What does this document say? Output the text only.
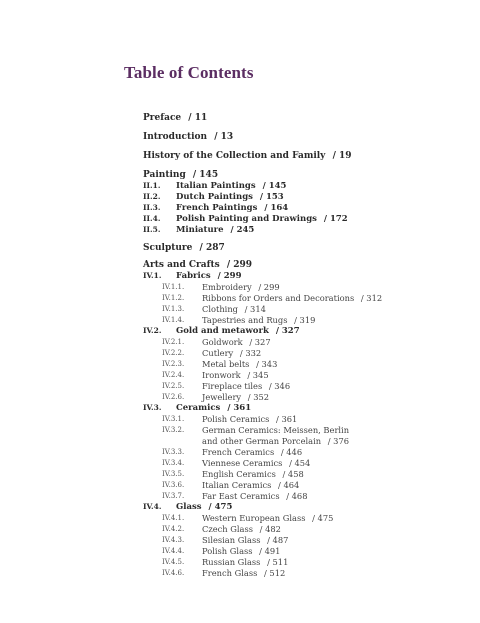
Table of Contents
Preface / 11
Introduction / 13
History of the Collection and Family / 19
Painting / 145
II.1. Italian Paintings / 145
II.2. Dutch Paintings / 153
II.3. French Paintings / 164
II.4. Polish Painting and Drawings / 172
II.5. Miniature / 245
Sculpture / 287
Arts and Crafts / 299
IV.1. Fabrics / 299
IV.1.1. Embroidery / 299
IV.1.2. Ribbons for Orders and Decorations / 312
IV.1.3. Clothing / 314
IV.1.4. Tapestries and Rugs / 319
IV.2. Gold and metawork / 327
IV.2.1. Goldwork / 327
IV.2.2. Cutlery / 332
IV.2.3. Metal belts / 343
IV.2.4. Ironwork / 345
IV.2.5. Fireplace tiles / 346
IV.2.6. Jewellery / 352
IV.3. Ceramics / 361
IV.3.1. Polish Ceramics / 361
IV.3.2. German Ceramics: Meissen, Berlin
and other German Porcelain / 376
IV.3.3. French Ceramics / 446
IV.3.4. Viennese Ceramics / 454
IV.3.5. English Ceramics / 458
IV.3.6. Italian Ceramics / 464
IV.3.7. Far East Ceramics / 468
IV.4. Glass / 475
IV.4.1. Western European Glass / 475
IV.4.2. Czech Glass / 482
IV.4.3. Silesian Glass / 487
IV.4.4. Polish Glass / 491
IV.4.5. Russian Glass / 511
IV.4.6. French Glass / 512
